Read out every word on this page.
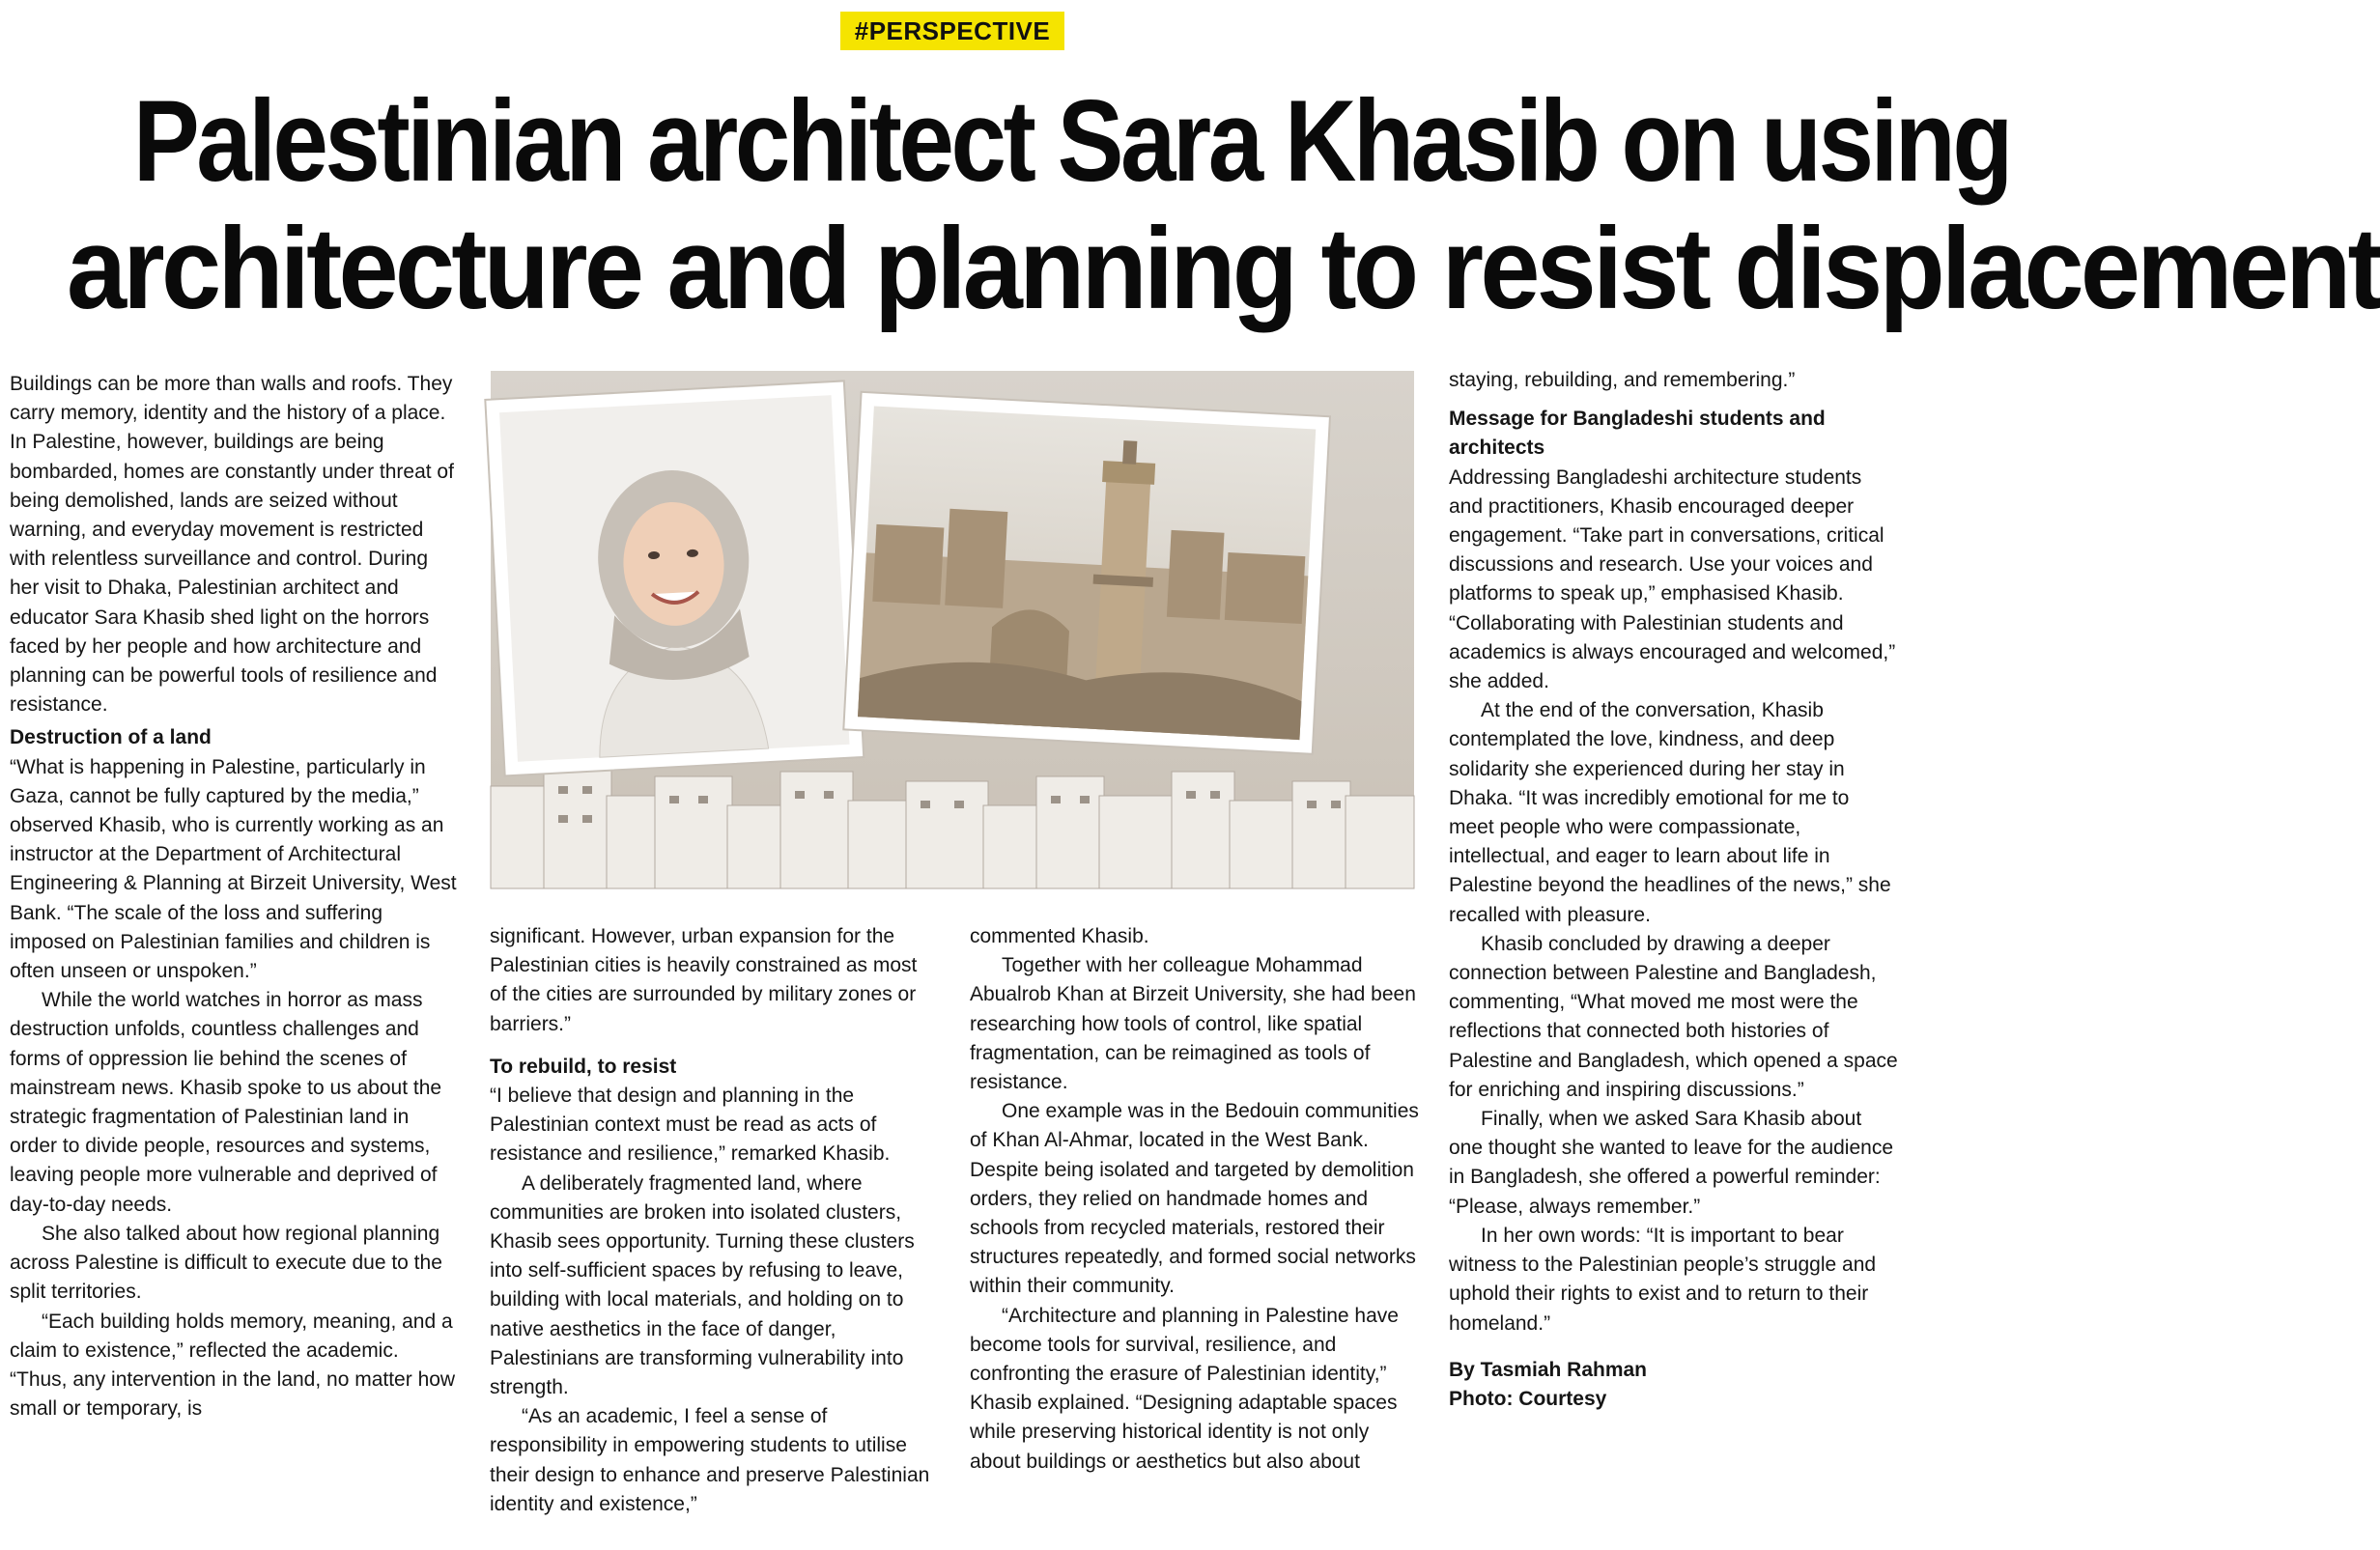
#PERSPECTIVE
Palestinian architect Sara Khasib on using
architecture and planning to resist displacement

Buildings can be more than walls and roofs. They carry memory, identity and the history of a place. In Palestine, however, buildings are being bombarded, homes are constantly under threat of being demolished, lands are seized without warning, and everyday movement is restricted with relentless surveillance and control. During her visit to Dhaka, Palestinian architect and educator Sara Khasib shed light on the horrors faced by her people and how architecture and planning can be powerful tools of resilience and resistance.

Destruction of a land

“What is happening in Palestine, particularly in Gaza, cannot be fully captured by the media,” observed Khasib, who is currently working as an instructor at the Department of Architectural Engineering & Planning at Birzeit University, West Bank. “The scale of the loss and suffering imposed on Palestinian families and children is often unseen or unspoken.”

While the world watches in horror as mass destruction unfolds, countless challenges and forms of oppression lie behind the scenes of mainstream news. Khasib spoke to us about the strategic fragmentation of Palestinian land in order to divide people, resources and systems, leaving people more vulnerable and deprived of day-to-day needs.

She also talked about how regional planning across Palestine is difficult to execute due to the split territories.

“Each building holds memory, meaning, and a claim to existence,” reflected the academic. “Thus, any intervention in the land, no matter how small or temporary, is

significant. However, urban expansion for the Palestinian cities is heavily constrained as most of the cities are surrounded by military zones or barriers.”

To rebuild, to resist

“I believe that design and planning in the Palestinian context must be read as acts of resistance and resilience,” remarked Khasib.

A deliberately fragmented land, where communities are broken into isolated clusters, Khasib sees opportunity. Turning these clusters into self-sufficient spaces by refusing to leave, building with local materials, and holding on to native aesthetics in the face of danger, Palestinians are transforming vulnerability into strength.

“As an academic, I feel a sense of responsibility in empowering students to utilise their design to enhance and preserve Palestinian identity and existence,”

commented Khasib.

Together with her colleague Mohammad Abualrob Khan at Birzeit University, she had been researching how tools of control, like spatial fragmentation, can be reimagined as tools of resistance.

One example was in the Bedouin communities of Khan Al-Ahmar, located in the West Bank. Despite being isolated and targeted by demolition orders, they relied on handmade homes and schools from recycled materials, restored their structures repeatedly, and formed social networks within their community.

“Architecture and planning in Palestine have become tools for survival, resilience, and confronting the erasure of Palestinian identity,” Khasib explained. “Designing adaptable spaces while preserving historical identity is not only about buildings or aesthetics but also about

staying, rebuilding, and remembering.”

Message for Bangladeshi students and architects

Addressing Bangladeshi architecture students and practitioners, Khasib encouraged deeper engagement. “Take part in conversations, critical discussions and research. Use your voices and platforms to speak up,” emphasised Khasib. “Collaborating with Palestinian students and academics is always encouraged and welcomed,” she added.

At the end of the conversation, Khasib contemplated the love, kindness, and deep solidarity she experienced during her stay in Dhaka. “It was incredibly emotional for me to meet people who were compassionate, intellectual, and eager to learn about life in Palestine beyond the headlines of the news,” she recalled with pleasure.

Khasib concluded by drawing a deeper connection between Palestine and Bangladesh, commenting, “What moved me most were the reflections that connected both histories of Palestine and Bangladesh, which opened a space for enriching and inspiring discussions.”

Finally, when we asked Sara Khasib about one thought she wanted to leave for the audience in Bangladesh, she offered a powerful reminder: “Please, always remember.”

In her own words: “It is important to bear witness to the Palestinian people’s struggle and uphold their rights to exist and to return to their homeland.”

By Tasmiah Rahman

Photo: Courtesy
